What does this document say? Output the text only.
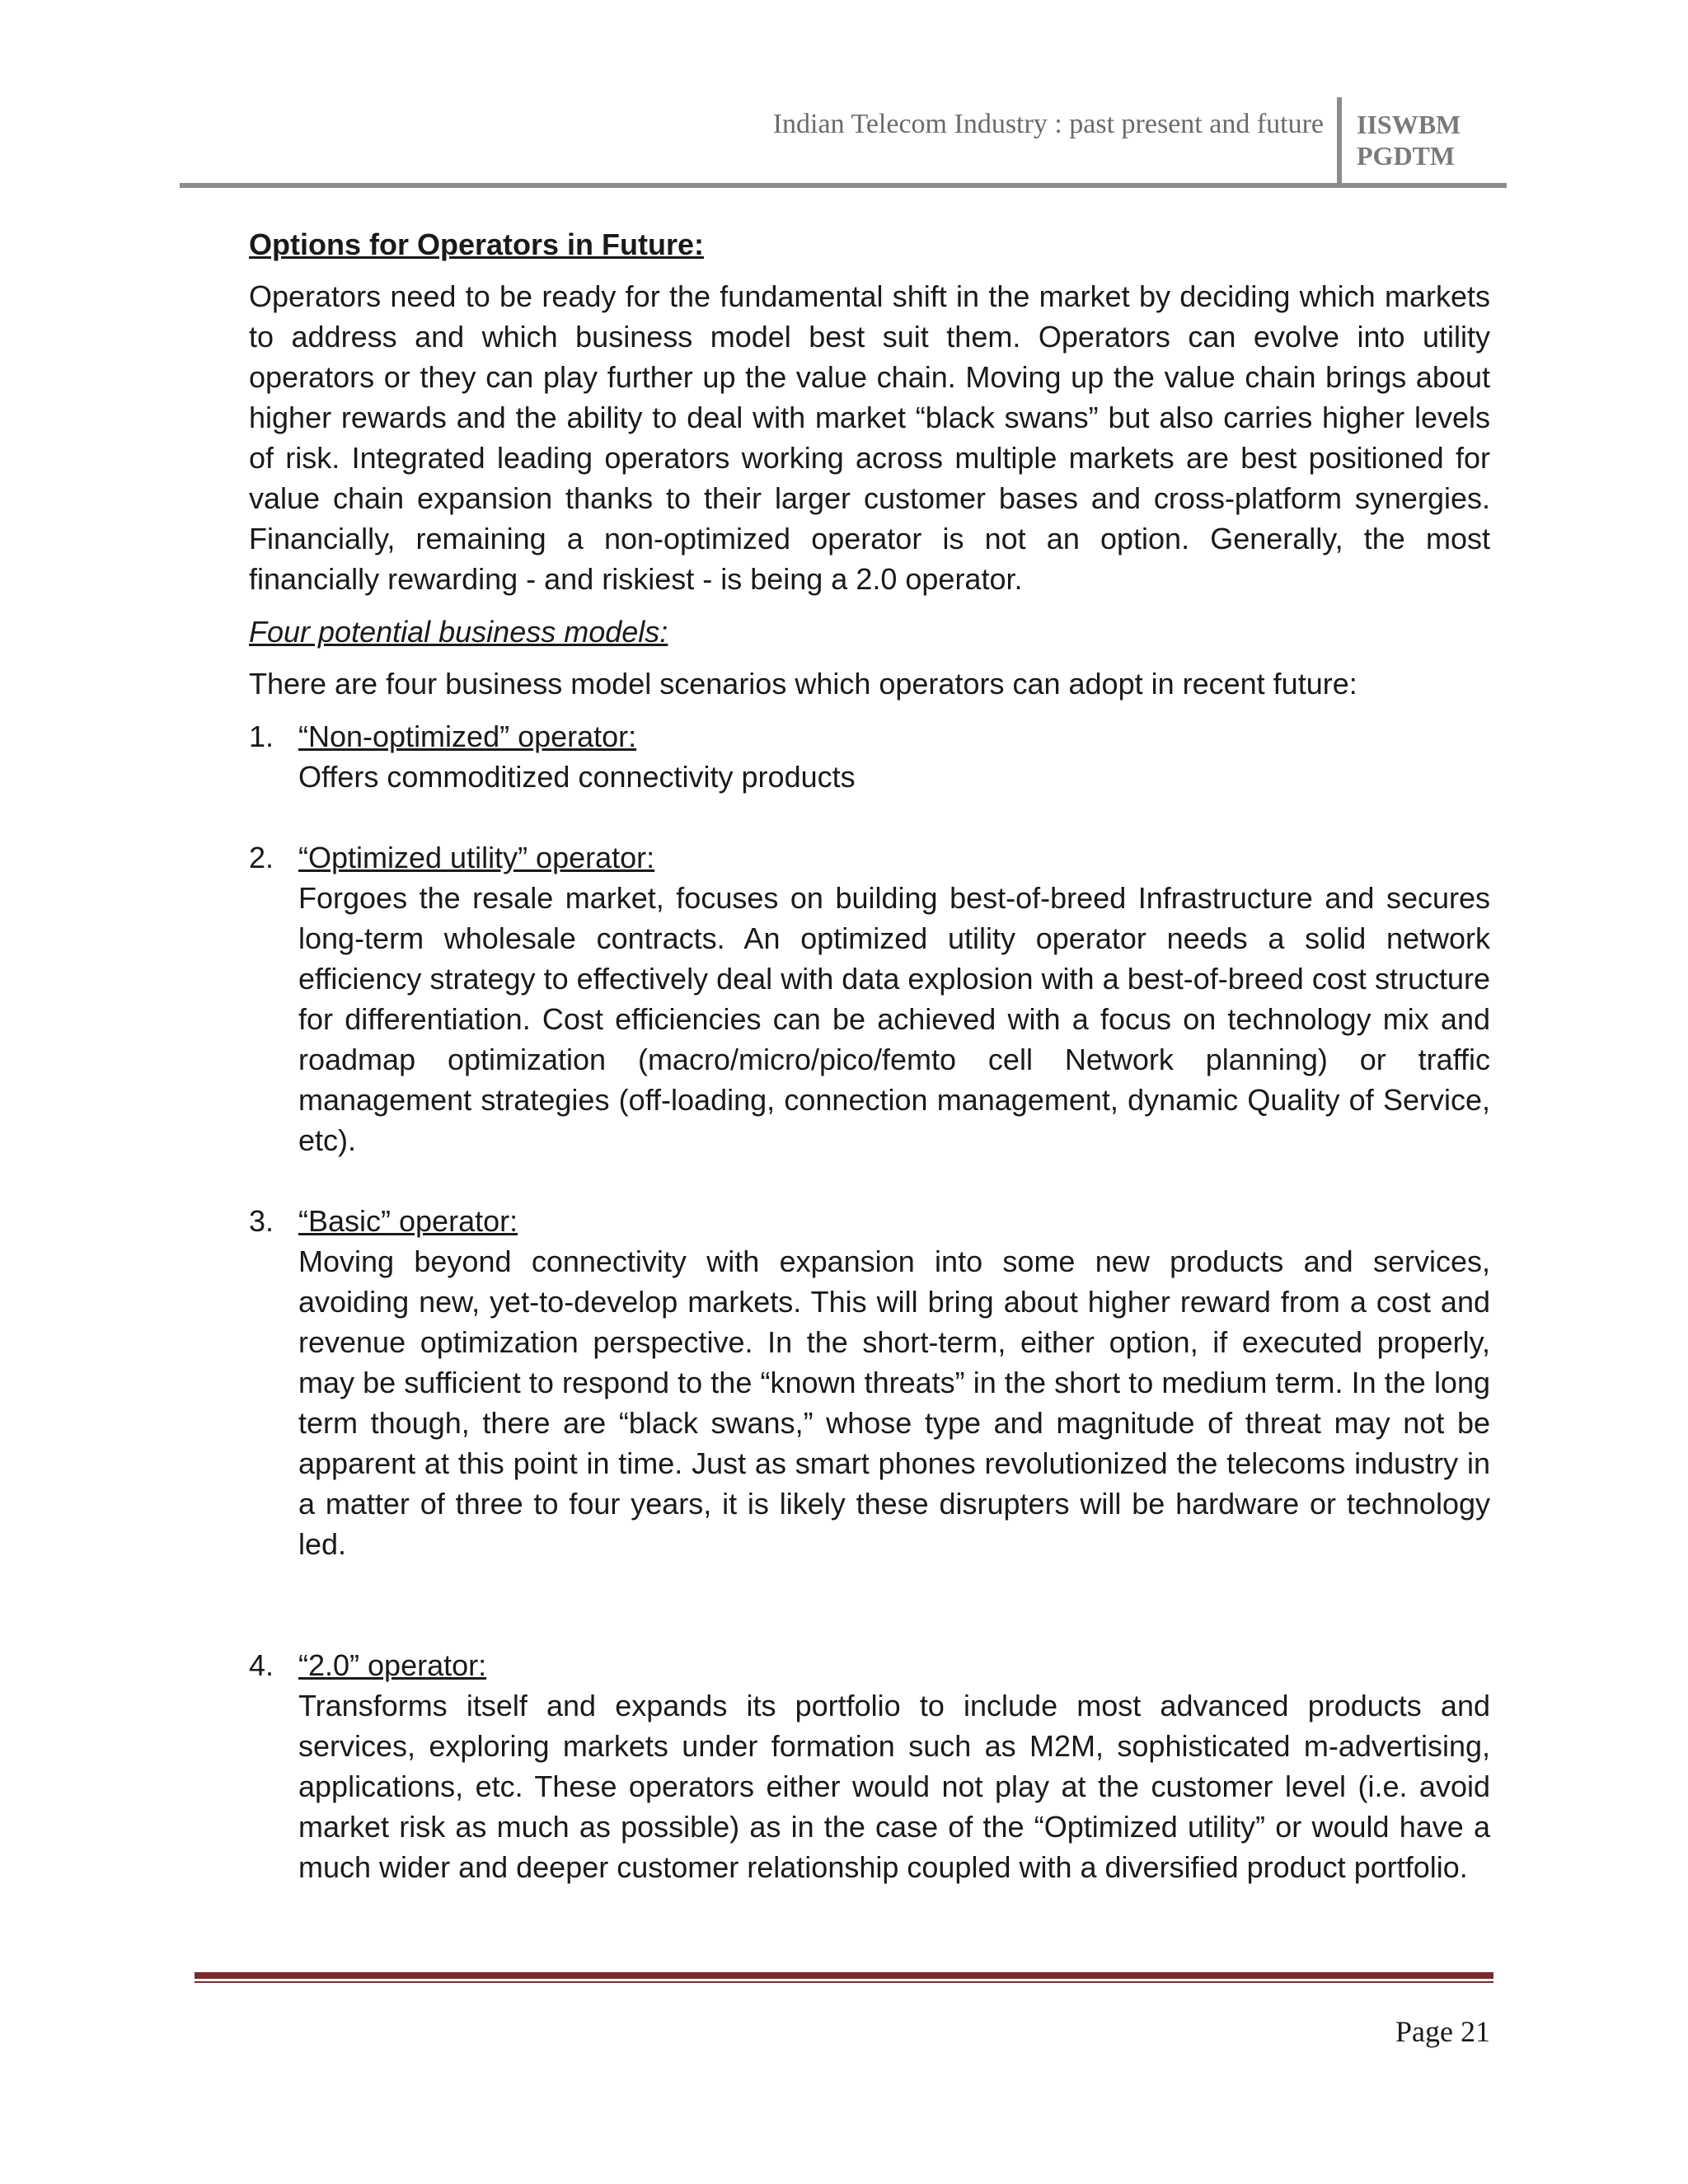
Indian Telecom Industry : past present and future IISWBM
PGDTM

Options for Operators in Future:

Operators need to be ready for the fundamental shift in the market by deciding which markets to address and which business model best suit them. Operators can evolve into utility operators or they can play further up the value chain. Moving up the value chain brings about higher rewards and the ability to deal with market “black swans” but also carries higher levels of risk. Integrated leading operators working across multiple markets are best positioned for value chain expansion thanks to their larger customer bases and cross-platform synergies. Financially, remaining a non-optimized operator is not an option. Generally, the most financially rewarding - and riskiest - is being a 2.0 operator.

Four potential business models:

There are four business model scenarios which operators can adopt in recent future:

1. “Non-optimized” operator:
Offers commoditized connectivity products
2. “Optimized utility” operator:
Forgoes the resale market, focuses on building best-of-breed Infrastructure and secures long-term wholesale contracts. An optimized utility operator needs a solid network efficiency strategy to effectively deal with data explosion with a best-of-breed cost structure for differentiation. Cost efficiencies can be achieved with a focus on technology mix and roadmap optimization (macro/micro/pico/femto cell Network planning) or traffic management strategies (off-loading, connection management, dynamic Quality of Service, etc).
3. “Basic” operator:
Moving beyond connectivity with expansion into some new products and services, avoiding new, yet-to-develop markets. This will bring about higher reward from a cost and revenue optimization perspective. In the short-term, either option, if executed properly, may be sufficient to respond to the “known threats” in the short to medium term. In the long term though, there are “black swans,” whose type and magnitude of threat may not be apparent at this point in time. Just as smart phones revolutionized the telecoms industry in a matter of three to four years, it is likely these disrupters will be hardware or technology led.
4. “2.0” operator:
Transforms itself and expands its portfolio to include most advanced products and services, exploring markets under formation such as M2M, sophisticated m-advertising, applications, etc. These operators either would not play at the customer level (i.e. avoid market risk as much as possible) as in the case of the “Optimized utility” or would have a much wider and deeper customer relationship coupled with a diversified product portfolio.
Page 21
